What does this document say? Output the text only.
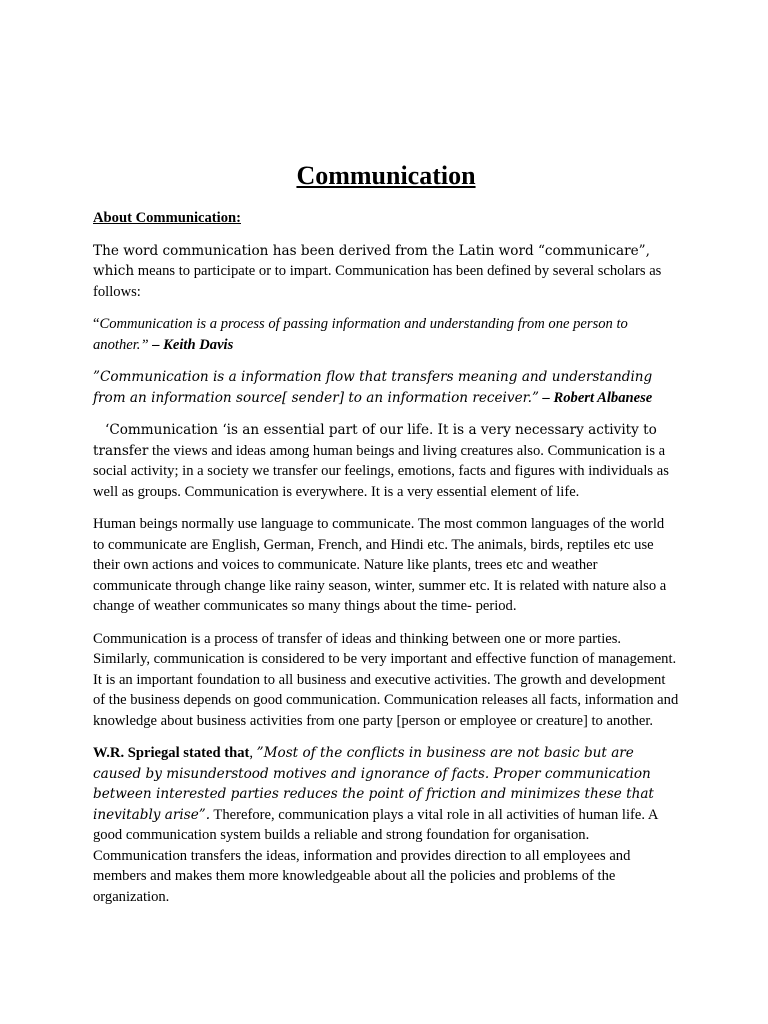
Communication
About Communication:

The word communication has been derived from the Latin word “communicare”, which means to participate or to impart. Communication has been defined by several scholars as follows:

“Communication is a process of passing information and understanding from one person to another.” – Keith Davis

”Communication is a information flow that transfers meaning and understanding from an information source[ sender] to an information receiver.” – Robert Albanese

‘Communication ‘is an essential part of our life. It is a very necessary activity to transfer the views and ideas among human beings and living creatures also. Communication is a social activity; in a society we transfer our feelings, emotions, facts and figures with individuals as well as groups. Communication is everywhere. It is a very essential element of life.

Human beings normally use language to communicate. The most common languages of the world to communicate are English, German, French, and Hindi etc. The animals, birds, reptiles etc use their own actions and voices to communicate. Nature like plants, trees etc and weather communicate through change like rainy season, winter, summer etc. It is related with nature also a change of weather communicates so many things about the time- period.

Communication is a process of transfer of ideas and thinking between one or more parties. Similarly, communication is considered to be very important and effective function of management. It is an important foundation to all business and executive activities. The growth and development of the business depends on good communication. Communication releases all facts, information and knowledge about business activities from one party [person or employee or creature] to another.

W.R. Spriegal stated that, ”Most of the conflicts in business are not basic but are caused by misunderstood motives and ignorance of facts. Proper communication between interested parties reduces the point of friction and minimizes these that inevitably arise”. Therefore, communication plays a vital role in all activities of human life. A good communication system builds a reliable and strong foundation for organisation. Communication transfers the ideas, information and provides direction to all employees and members and makes them more knowledgeable about all the policies and problems of the organization.
